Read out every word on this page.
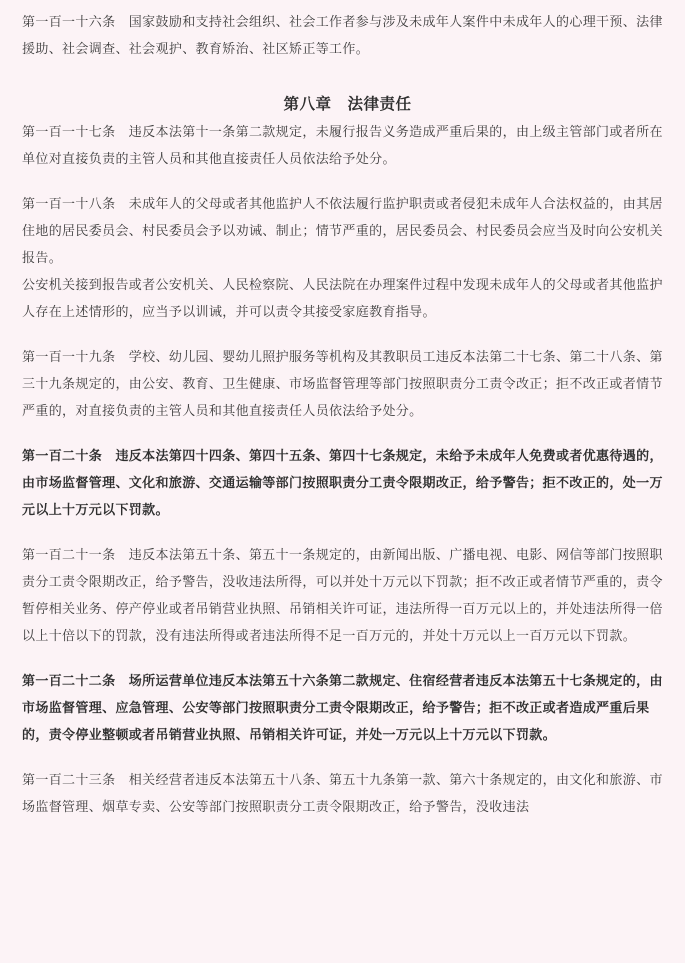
第一百一十六条　国家鼓励和支持社会组织、社会工作者参与涉及未成年人案件中未成年人的心理干预、法律援助、社会调查、社会观护、教育矫治、社区矫正等工作。

第八章　法律责任

第一百一十七条　违反本法第十一条第二款规定，未履行报告义务造成严重后果的，由上级主管部门或者所在单位对直接负责的主管人员和其他直接责任人员依法给予处分。

第一百一十八条　未成年人的父母或者其他监护人不依法履行监护职责或者侵犯未成年人合法权益的，由其居住地的居民委员会、村民委员会予以劝诫、制止；情节严重的，居民委员会、村民委员会应当及时向公安机关报告。

公安机关接到报告或者公安机关、人民检察院、人民法院在办理案件过程中发现未成年人的父母或者其他监护人存在上述情形的，应当予以训诫，并可以责令其接受家庭教育指导。

第一百一十九条　学校、幼儿园、婴幼儿照护服务等机构及其教职员工违反本法第二十七条、第二十八条、第三十九条规定的，由公安、教育、卫生健康、市场监督管理等部门按照职责分工责令改正；拒不改正或者情节严重的，对直接负责的主管人员和其他直接责任人员依法给予处分。

第一百二十条　违反本法第四十四条、第四十五条、第四十七条规定，未给予未成年人免费或者优惠待遇的，由市场监督管理、文化和旅游、交通运输等部门按照职责分工责令限期改正，给予警告；拒不改正的，处一万元以上十万元以下罚款。

第一百二十一条　违反本法第五十条、第五十一条规定的，由新闻出版、广播电视、电影、网信等部门按照职责分工责令限期改正，给予警告，没收违法所得，可以并处十万元以下罚款；拒不改正或者情节严重的，责令暂停相关业务、停产停业或者吊销营业执照、吊销相关许可证，违法所得一百万元以上的，并处违法所得一倍以上十倍以下的罚款，没有违法所得或者违法所得不足一百万元的，并处十万元以上一百万元以下罚款。

第一百二十二条　场所运营单位违反本法第五十六条第二款规定、住宿经营者违反本法第五十七条规定的，由市场监督管理、应急管理、公安等部门按照职责分工责令限期改正，给予警告；拒不改正或者造成严重后果的，责令停业整顿或者吊销营业执照、吊销相关许可证，并处一万元以上十万元以下罚款。

第一百二十三条　相关经营者违反本法第五十八条、第五十九条第一款、第六十条规定的，由文化和旅游、市场监督管理、烟草专卖、公安等部门按照职责分工责令限期改正，给予警告，没收违法
